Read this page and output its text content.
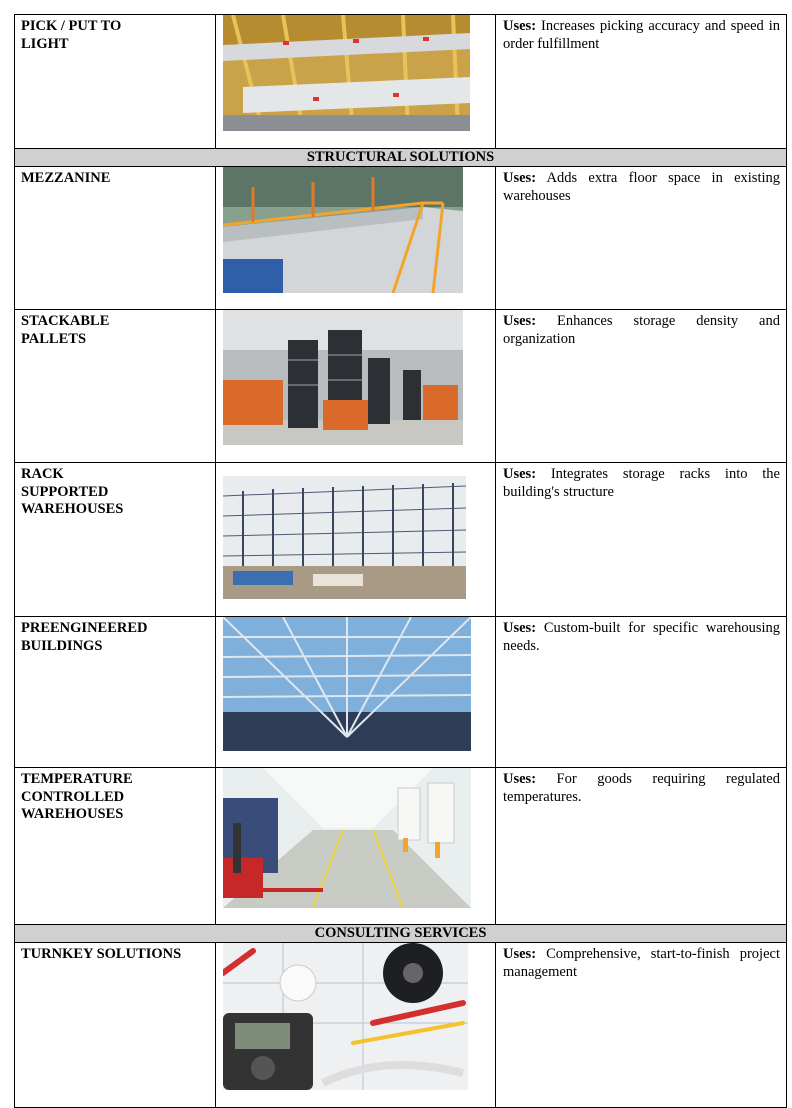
PICK / PUT TO
LIGHT		Uses: Increases picking accuracy and speed in order fulfillment
STRUCTURAL SOLUTIONS		
MEZZANINE		Uses: Adds extra floor space in existing warehouses
STACKABLE
PALLETS		Uses: Enhances storage density and organization
RACK
SUPPORTED
WAREHOUSES		Uses: Integrates storage racks into the building's structure
PREENGINEERED
BUILDINGS		Uses: Custom-built for specific warehousing needs.
TEMPERATURE
CONTROLLED
WAREHOUSES		Uses: For goods requiring regulated temperatures.
CONSULTING SERVICES		
TURNKEY SOLUTIONS		Uses: Comprehensive, start-to-finish project management
